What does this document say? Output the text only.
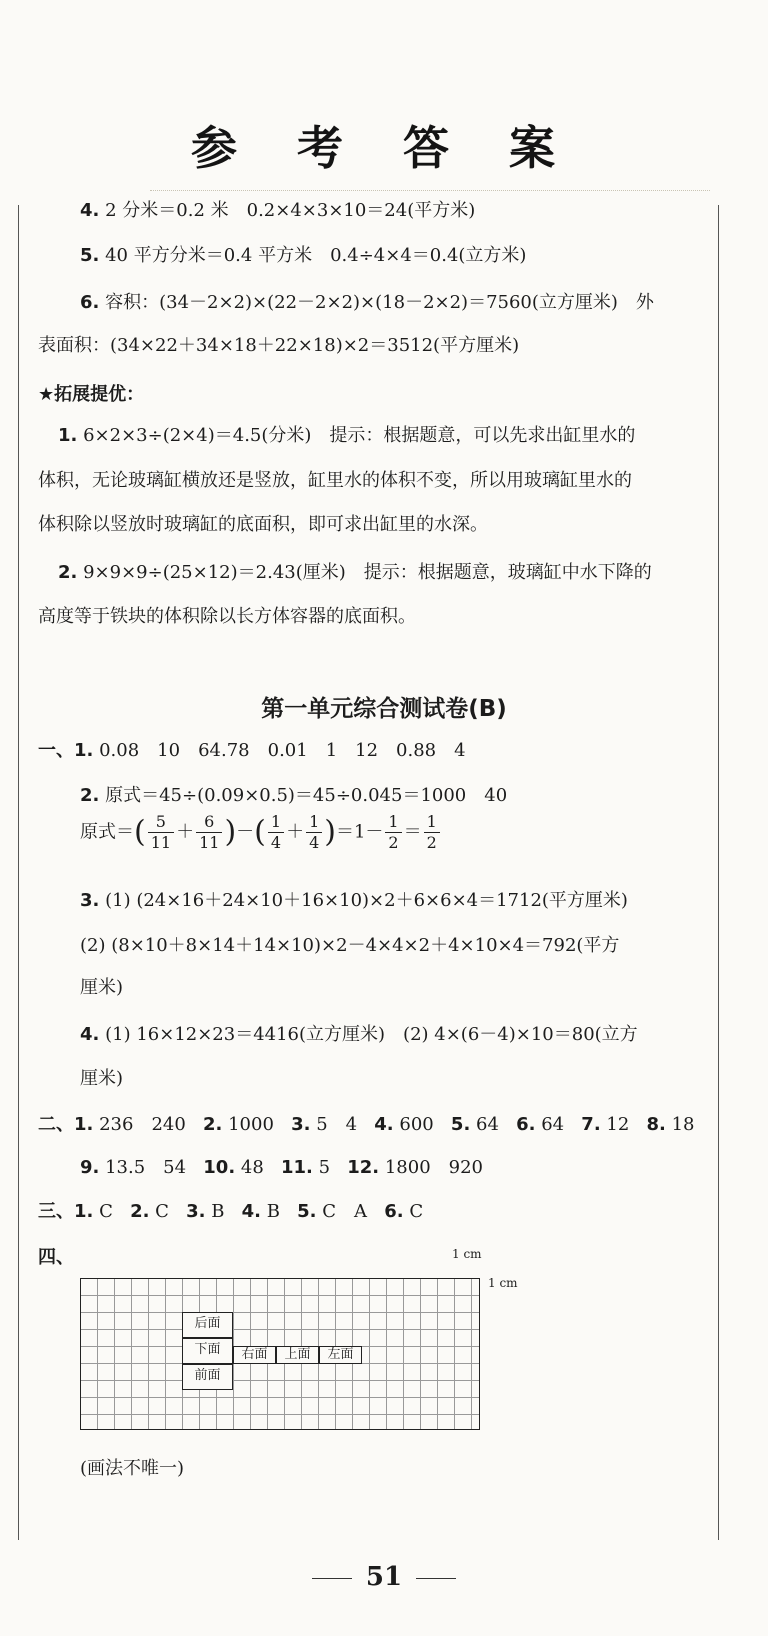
参 考 答 案
4. 2 分米＝0.2 米　0.2×4×3×10＝24(平方米)
5. 40 平方分米＝0.4 平方米　0.4÷4×4＝0.4(立方米)
6. 容积：(34－2×2)×(22－2×2)×(18－2×2)＝7560(立方厘米)　外
表面积：(34×22＋34×18＋22×18)×2＝3512(平方厘米)
★拓展提优：
1. 6×2×3÷(2×4)＝4.5(分米)　提示：根据题意，可以先求出缸里水的
体积，无论玻璃缸横放还是竖放，缸里水的体积不变，所以用玻璃缸里水的
体积除以竖放时玻璃缸的底面积，即可求出缸里的水深。
2. 9×9×9÷(25×12)＝2.43(厘米)　提示：根据题意，玻璃缸中水下降的
高度等于铁块的体积除以长方体容器的底面积。
第一单元综合测试卷(B)
一、1. 0.08　10　64.78　0.01　1　12　0.88　4
2. 原式＝45÷(0.09×0.5)＝45÷0.045＝1000　40
原式＝( $\frac{5}{11} + \frac{6}{11}$ )－( $\frac{1}{4} + \frac{1}{4} )=1- \frac{1}{2} = \frac{1}{2}$
3. (1) (24×16＋24×10＋16×10)×2＋6×6×4＝1712(平方厘米)
(2) (8×10＋8×14＋14×10)×2－4×4×2＋4×10×4＝792(平方
厘米)
4. (1) 16×12×23＝4416(立方厘米)　(2) 4×(6－4)×10＝80(立方
厘米)
二、1. 236　240 2. 1000 3. 5　4 4. 600 5. 64 6. 64 7. 12 8. 18
9. 13.5　54 10. 48 11. 5 12. 1800　920
三、1. C 2. C 3. B 4. B 5. C　A 6. C
四、	1 cm
1 cm
后面
下面	右面	上面	左面
前面
(画法不唯一)
51
